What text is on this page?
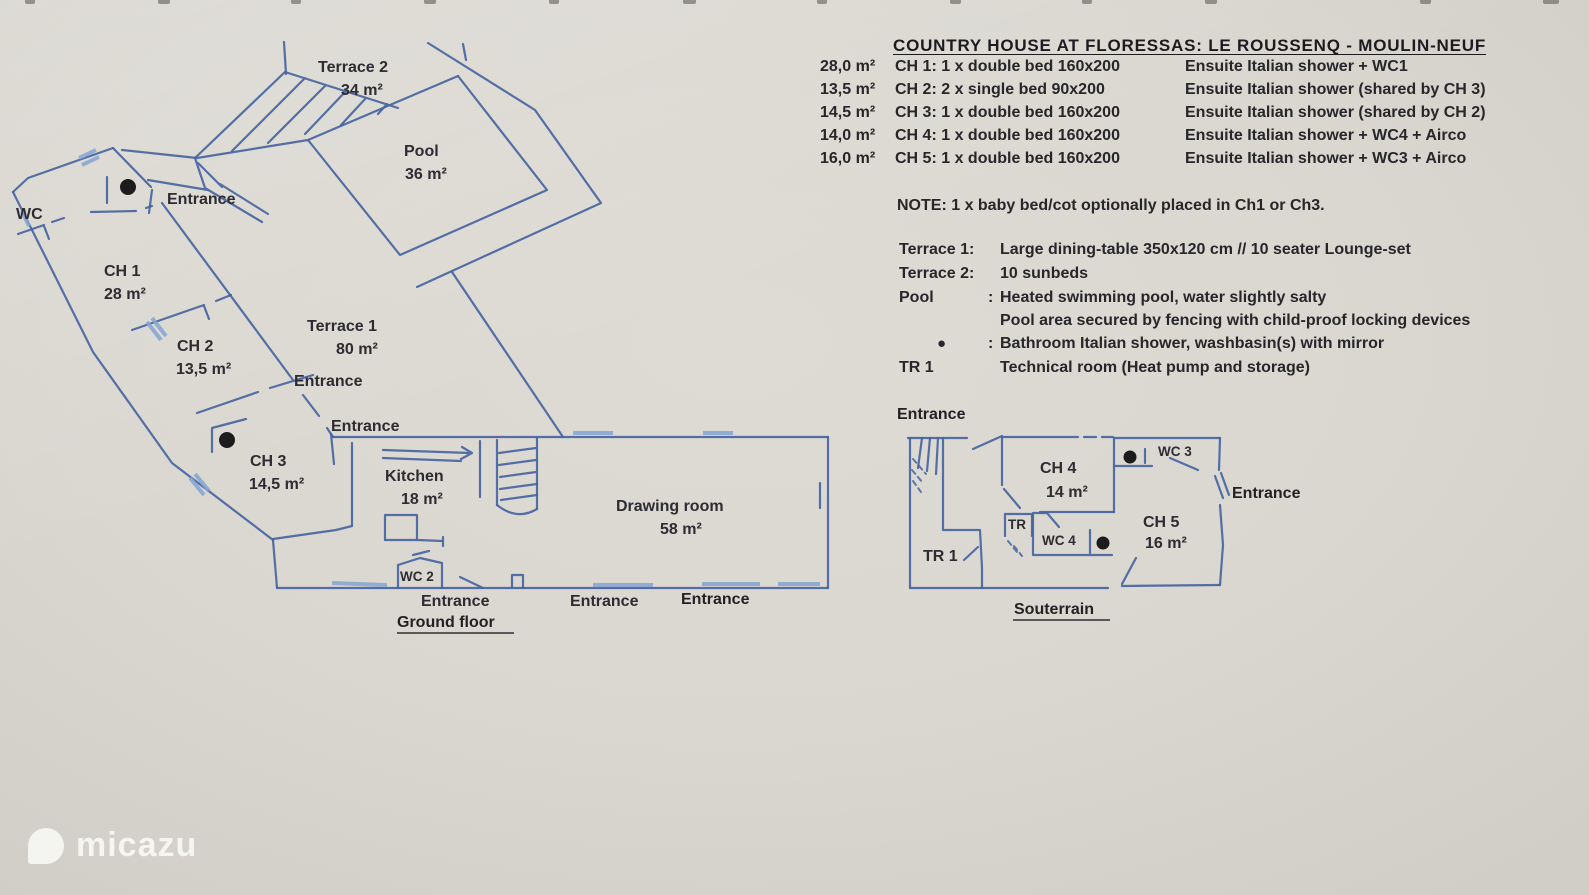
COUNTRY HOUSE AT FLORESSAS: LE ROUSSENQ - MOULIN-NEUF
28,0 m²	CH 1: 1 x double bed 160x200	Ensuite Italian shower + WC1
13,5 m²	CH 2: 2 x single bed 90x200	Ensuite Italian shower (shared by CH 3)
14,5 m²	CH 3: 1 x double bed 160x200	Ensuite Italian shower (shared by CH 2)
14,0 m²	CH 4: 1 x double bed 160x200	Ensuite Italian shower + WC4 + Airco
16,0 m²	CH 5: 1 x double bed 160x200	Ensuite Italian shower + WC3 + Airco
NOTE: 1 x baby bed/cot optionally placed in Ch1 or Ch3.
Terrace 1:	Large dining-table 350x120 cm // 10 seater Lounge-set
Terrace 2:	10 sunbeds
Pool	: Heated swimming pool, water slightly salty
Pool area secured by fencing with child-proof locking devices
●	: Bathroom Italian shower, washbasin(s) with mirror
TR 1	Technical room (Heat pump and storage)
Terrace 2
34 m²
Pool
36 m²
Entrance
WC
CH 1
28 m²
CH 2
13,5 m²
Terrace 1
80 m²
Entrance
Entrance
CH 3
14,5 m²	Kitchen
18 m²	Drawing room
58 m²
WC 2
Entrance	Entrance	Entrance
Ground floor
Entrance
CH 4
14 m²
WC 3
Entrance
CH 5
16 m²
TR
WC 4
TR 1
Souterrain
micazu
